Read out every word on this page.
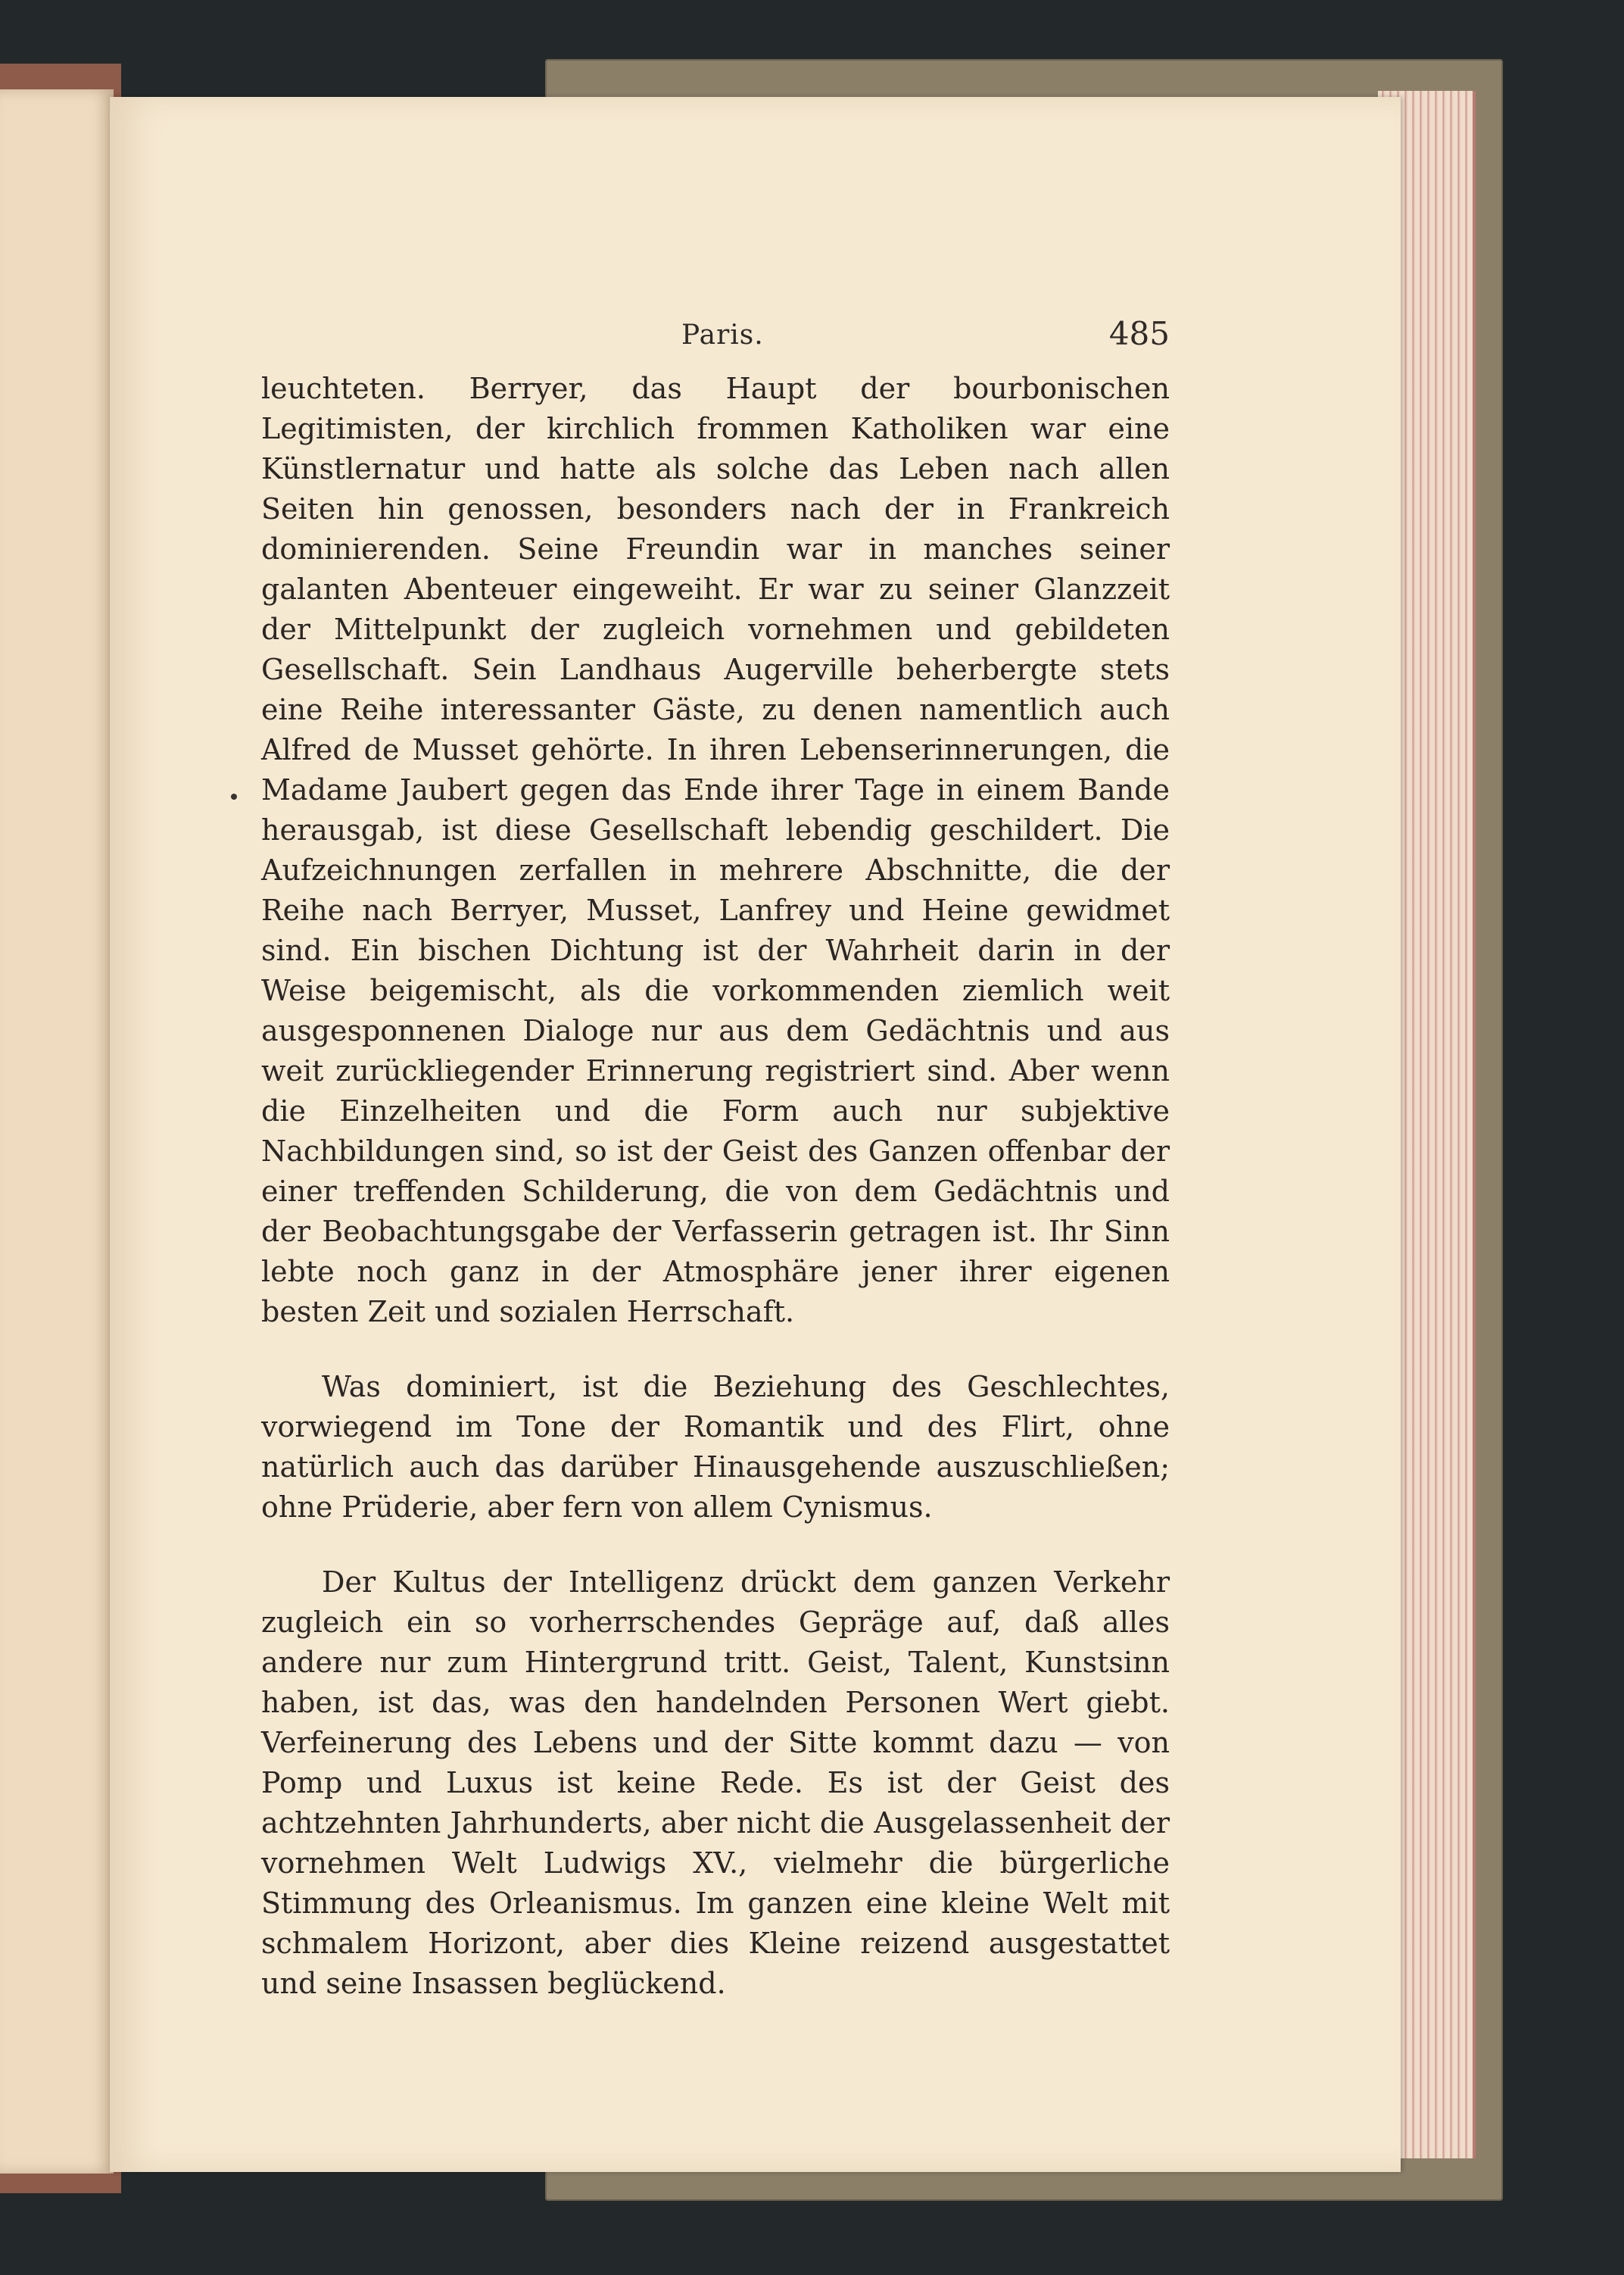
Paris.	485

leuchteten. Berryer, das Haupt der bourbonischen Legitimisten, der kirchlich frommen Katholiken war eine Künstlernatur und hatte als solche das Leben nach allen Seiten hin genossen, besonders nach der in Frankreich dominierenden. Seine Freundin war in manches seiner galanten Abenteuer eingeweiht. Er war zu seiner Glanzzeit der Mittelpunkt der zugleich vornehmen und gebildeten Gesellschaft. Sein Landhaus Augerville beherbergte stets eine Reihe interessanter Gäste, zu denen namentlich auch Alfred de Musset gehörte. In ihren Lebenserinnerungen, die Madame Jaubert gegen das Ende ihrer Tage in einem Bande herausgab, ist diese Gesellschaft lebendig geschildert. Die Aufzeichnungen zerfallen in mehrere Abschnitte, die der Reihe nach Berryer, Musset, Lanfrey und Heine gewidmet sind. Ein bischen Dichtung ist der Wahrheit darin in der Weise beigemischt, als die vorkommenden ziemlich weit ausgesponnenen Dialoge nur aus dem Gedächtnis und aus weit zurückliegender Erinnerung registriert sind. Aber wenn die Einzelheiten und die Form auch nur subjektive Nachbildungen sind, so ist der Geist des Ganzen offenbar der einer treffenden Schilderung, die von dem Gedächtnis und der Beobachtungsgabe der Verfasserin getragen ist. Ihr Sinn lebte noch ganz in der Atmosphäre jener ihrer eigenen besten Zeit und sozialen Herrschaft.

Was dominiert, ist die Beziehung des Geschlechtes, vorwiegend im Tone der Romantik und des Flirt, ohne natürlich auch das darüber Hinausgehende auszuschließen; ohne Prüderie, aber fern von allem Cynismus.

Der Kultus der Intelligenz drückt dem ganzen Verkehr zugleich ein so vorherrschendes Gepräge auf, daß alles andere nur zum Hintergrund tritt. Geist, Talent, Kunstsinn haben, ist das, was den handelnden Personen Wert giebt. Verfeinerung des Lebens und der Sitte kommt dazu — von Pomp und Luxus ist keine Rede. Es ist der Geist des achtzehnten Jahrhunderts, aber nicht die Ausgelassenheit der vornehmen Welt Ludwigs XV., vielmehr die bürgerliche Stimmung des Orleanismus. Im ganzen eine kleine Welt mit schmalem Horizont, aber dies Kleine reizend ausgestattet und seine Insassen beglückend.
